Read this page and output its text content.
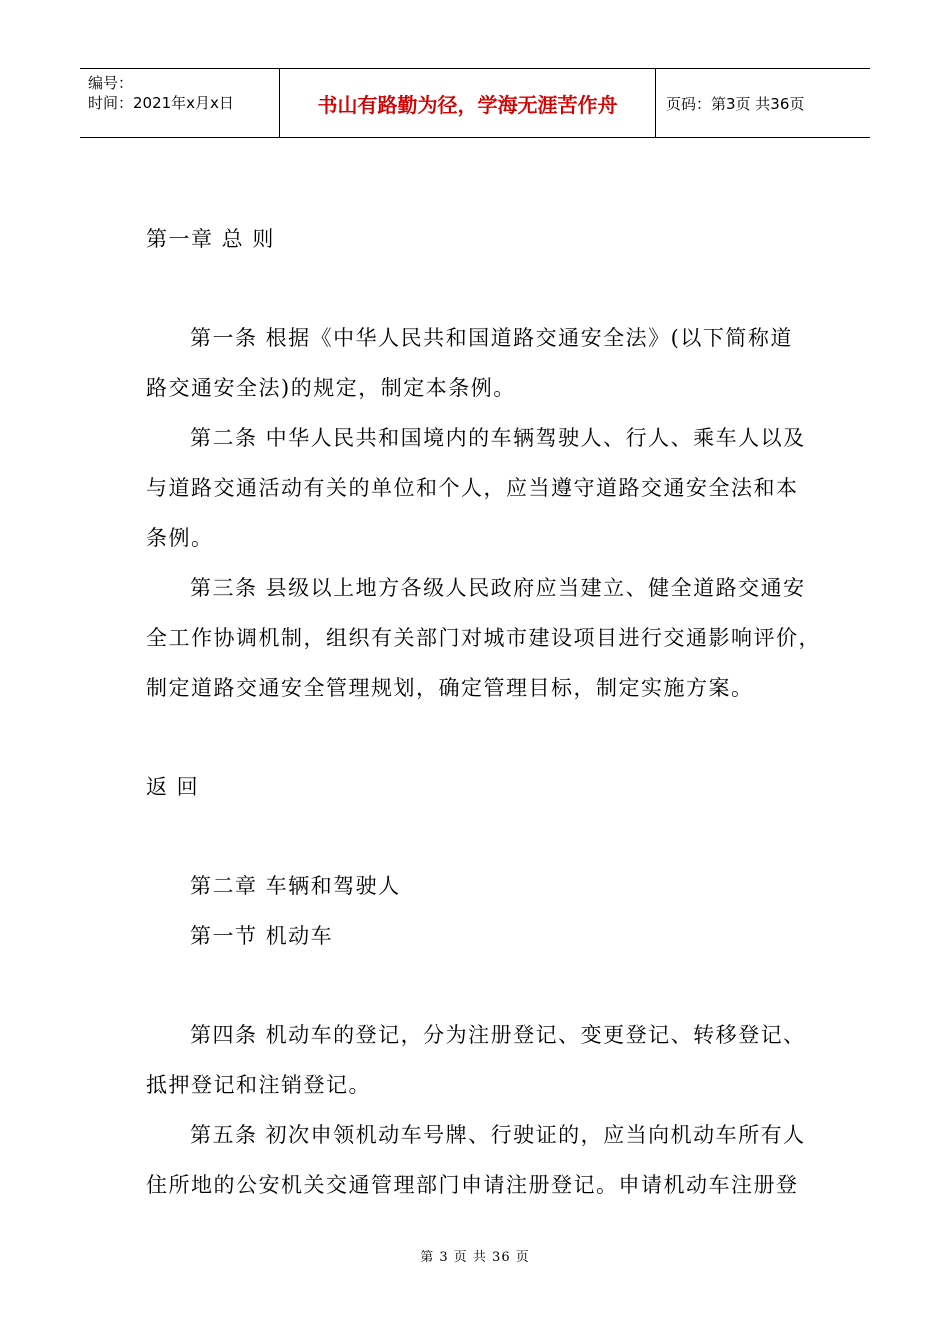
编号：
时间：2021年x月x日	书山有路勤为径，学海无涯苦作舟	页码：第3页 共36页
第一章 总 则
第一条 根据《中华人民共和国道路交通安全法》(以下简称道
路交通安全法)的规定，制定本条例。
第二条 中华人民共和国境内的车辆驾驶人、行人、乘车人以及
与道路交通活动有关的单位和个人，应当遵守道路交通安全法和本
条例。
第三条 县级以上地方各级人民政府应当建立、健全道路交通安
全工作协调机制，组织有关部门对城市建设项目进行交通影响评价，
制定道路交通安全管理规划，确定管理目标，制定实施方案。
返 回
第二章 车辆和驾驶人
第一节 机动车
第四条 机动车的登记，分为注册登记、变更登记、转移登记、
抵押登记和注销登记。
第五条 初次申领机动车号牌、行驶证的，应当向机动车所有人
住所地的公安机关交通管理部门申请注册登记。申请机动车注册登
第 3 页 共 36 页
